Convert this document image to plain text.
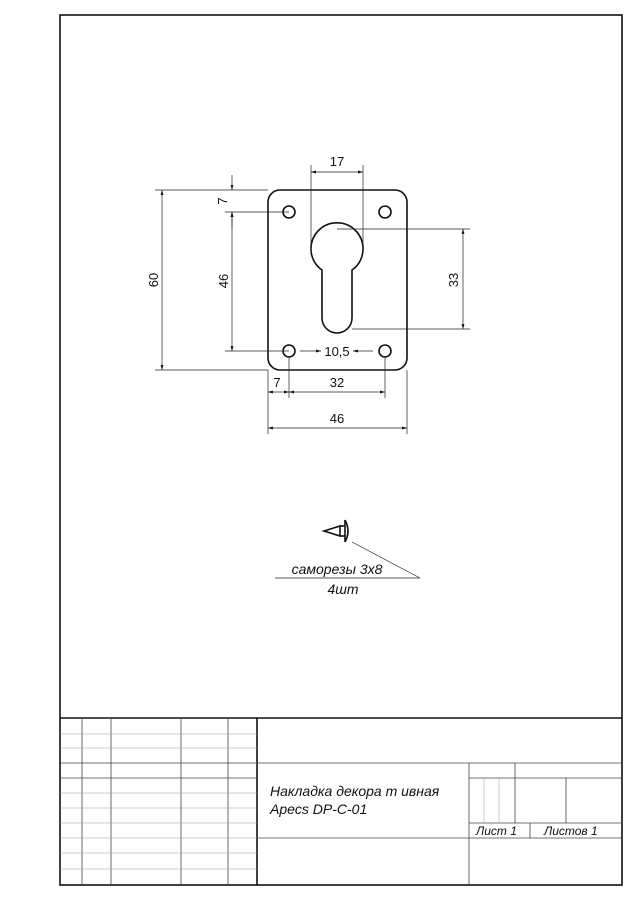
60	46
7
17
33
10,5
7	32
46
саморезы 3x8
4шт
Накладка декора т ивная
Apecs DP-C-01
Лист 1 Листов 1
